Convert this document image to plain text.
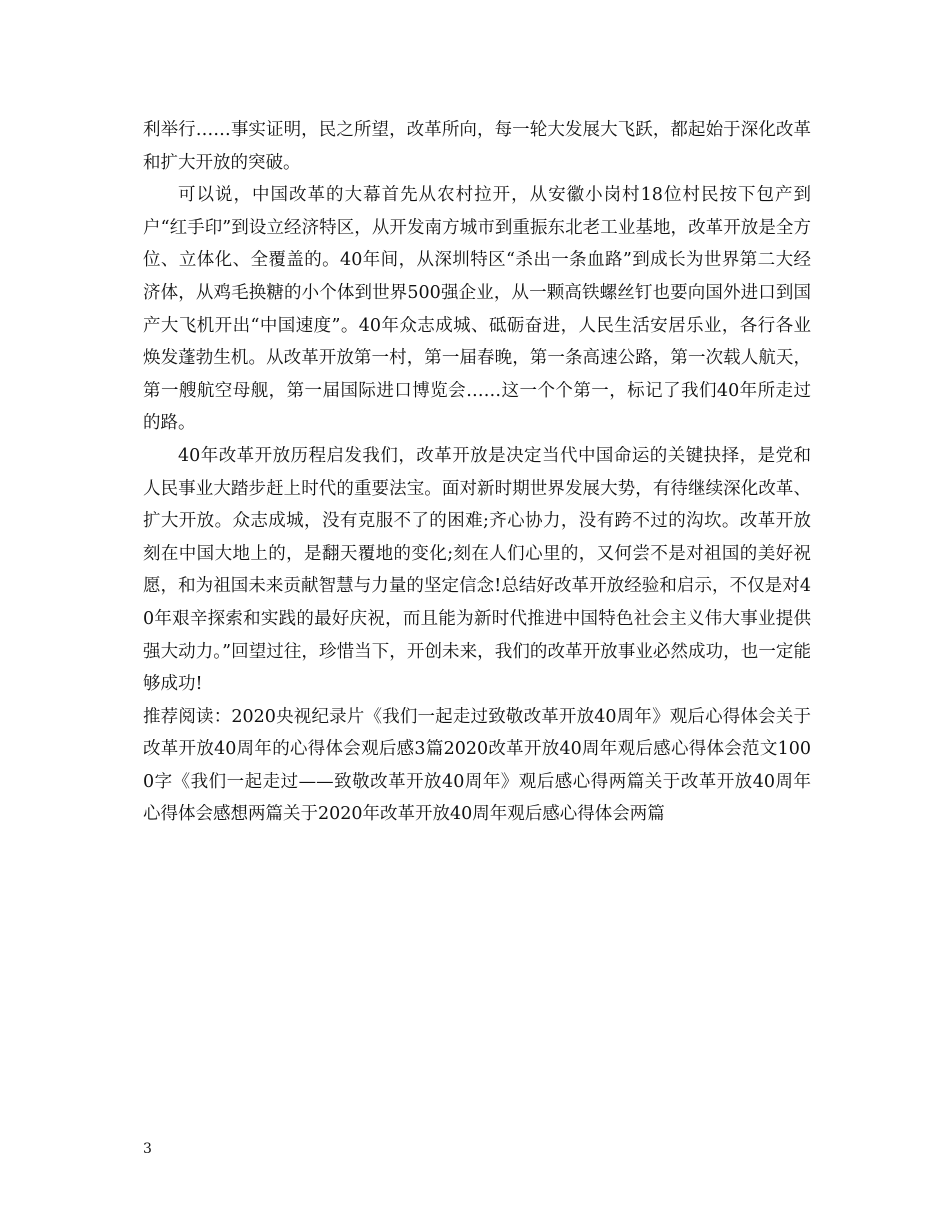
利举行……事实证明，民之所望，改革所向，每一轮大发展大飞跃，都起始于深化改革和扩大开放的突破。

可以说，中国改革的大幕首先从农村拉开，从安徽小岗村18位村民按下包产到户“红手印”到设立经济特区，从开发南方城市到重振东北老工业基地，改革开放是全方位、立体化、全覆盖的。40年间，从深圳特区“杀出一条血路”到成长为世界第二大经济体，从鸡毛换糖的小个体到世界500强企业，从一颗高铁螺丝钉也要向国外进口到国产大飞机开出“中国速度”。40年众志成城、砥砺奋进，人民生活安居乐业，各行各业焕发蓬勃生机。从改革开放第一村，第一届春晚，第一条高速公路，第一次载人航天，第一艘航空母舰，第一届国际进口博览会……这一个个第一，标记了我们40年所走过的路。

40年改革开放历程启发我们，改革开放是决定当代中国命运的关键抉择，是党和人民事业大踏步赶上时代的重要法宝。面对新时期世界发展大势，有待继续深化改革、扩大开放。众志成城，没有克服不了的困难;齐心协力，没有跨不过的沟坎。改革开放刻在中国大地上的，是翻天覆地的变化;刻在人们心里的，又何尝不是对祖国的美好祝愿，和为祖国未来贡献智慧与力量的坚定信念!总结好改革开放经验和启示，不仅是对40年艰辛探索和实践的最好庆祝，而且能为新时代推进中国特色社会主义伟大事业提供强大动力。”回望过往，珍惜当下，开创未来，我们的改革开放事业必然成功，也一定能够成功!

推荐阅读：2020央视纪录片《我们一起走过致敬改革开放40周年》观后心得体会关于改革开放40周年的心得体会观后感3篇2020改革开放40周年观后感心得体会范文1000字《我们一起走过——致敬改革开放40周年》观后感心得两篇关于改革开放40周年心得体会感想两篇关于2020年改革开放40周年观后感心得体会两篇

3
